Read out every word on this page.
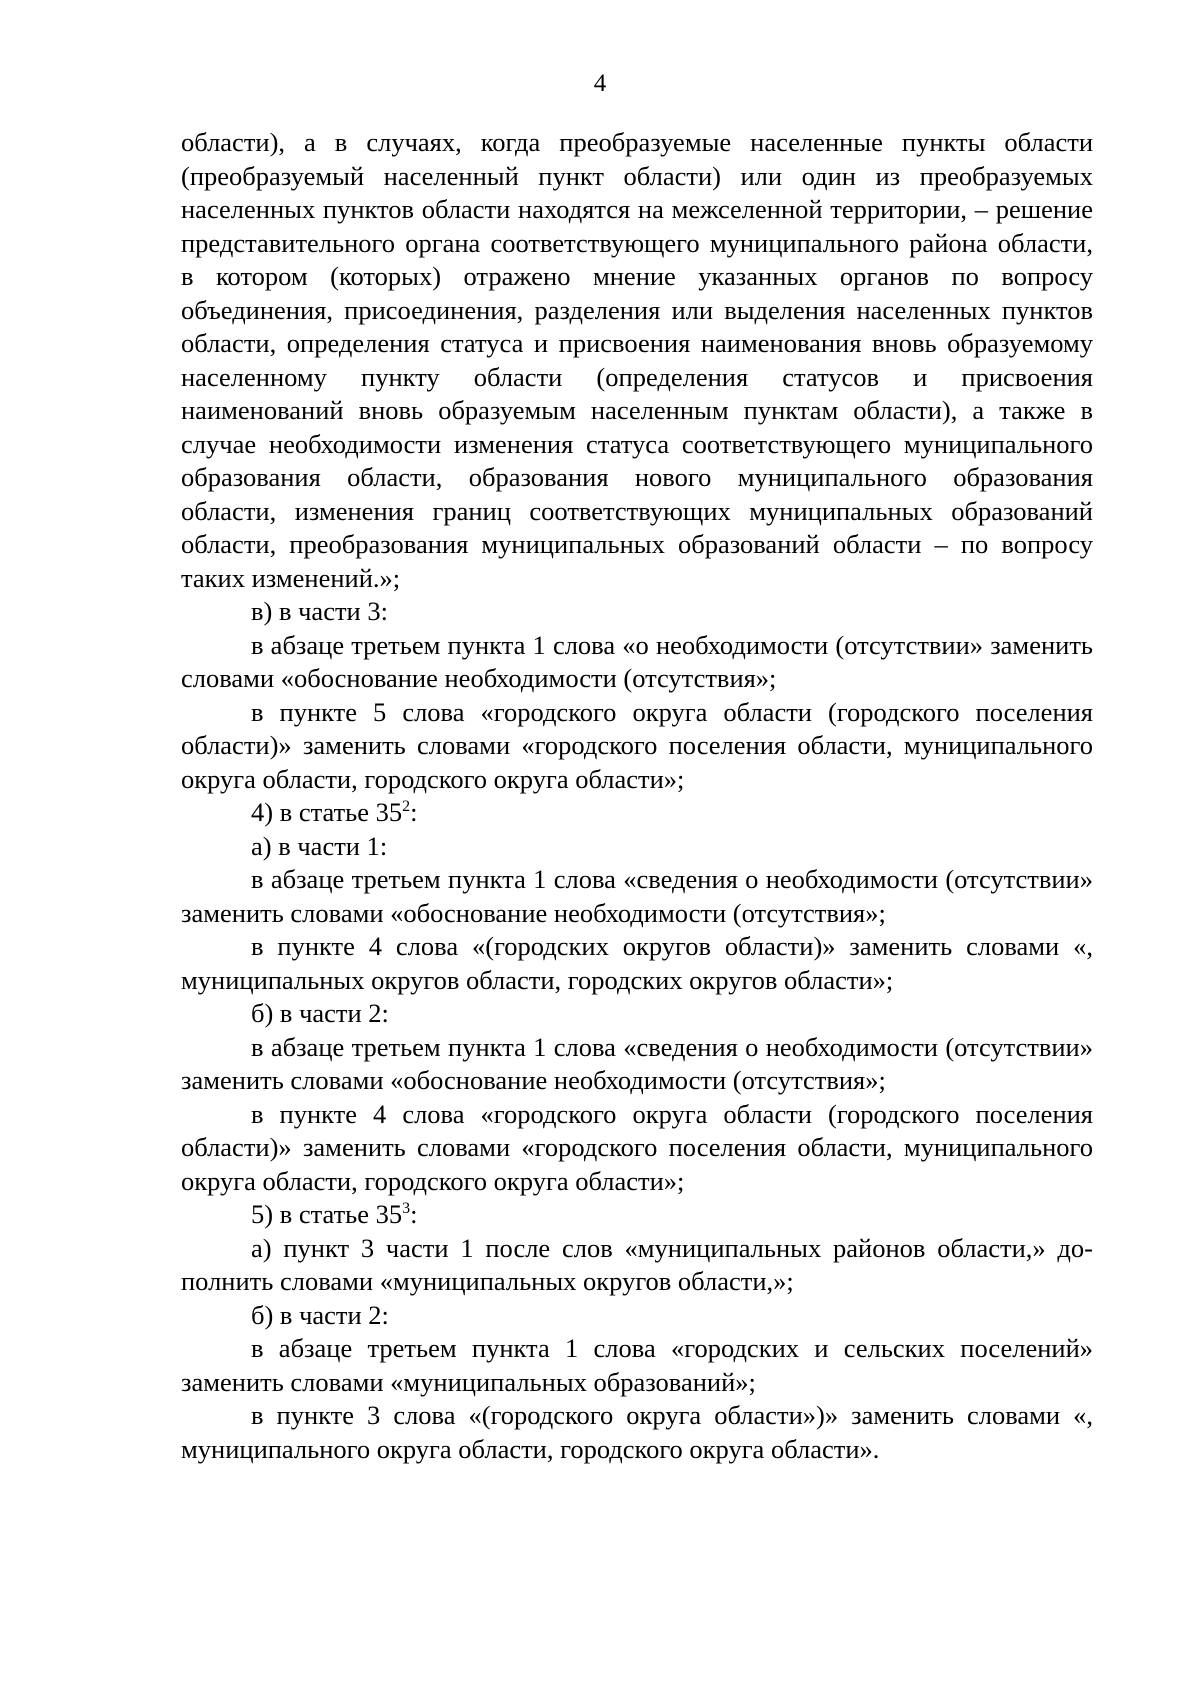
4

области), а в случаях, когда преобразуемые населенные пункты области (преобразуемый населенный пункт области) или один из преобразуемых населенных пунктов области находятся на межселенной территории, – решение представительного органа соответствующего муниципального района области, в котором (которых) отражено мнение указанных органов по вопросу объединения, присоединения, разделения или выделения населенных пунктов области, определения статуса и присвоения наименования вновь образуемому населенному пункту области (определения статусов и присвоения наименований вновь образуемым населенным пунктам области), а также в случае необходимости изменения статуса соответствующего муниципального образования области, образования нового муниципального образования области, изменения границ соответствующих муниципальных образований области, преобразования муниципальных образований области – по вопросу таких изменений.»;

в) в части 3:

в абзаце третьем пункта 1 слова «о необходимости (отсутствии» заменить словами «обоснование необходимости (отсутствия»;

в пункте 5 слова «городского округа области (городского поселения области)» заменить словами «городского поселения области, муниципального округа области, городского округа области»;

4) в статье $35^2$:

а) в части 1:

в абзаце третьем пункта 1 слова «сведения о необходимости (отсутствии» заменить словами «обоснование необходимости (отсутствия»;

в пункте 4 слова «(городских округов области)» заменить словами «, муниципальных округов области, городских округов области»;

б) в части 2:

в абзаце третьем пункта 1 слова «сведения о необходимости (отсутствии» заменить словами «обоснование необходимости (отсутствия»;

в пункте 4 слова «городского округа области (городского поселения области)» заменить словами «городского поселения области, муниципального округа области, городского округа области»;

5) в статье $35^3$:

а) пункт 3 части 1 после слов «муниципальных районов области,» дополнить словами «муниципальных округов области,»;

б) в части 2:

в абзаце третьем пункта 1 слова «городских и сельских поселений» заменить словами «муниципальных образований»;

в пункте 3 слова «(городского округа области»)» заменить словами «, муниципального округа области, городского округа области».
